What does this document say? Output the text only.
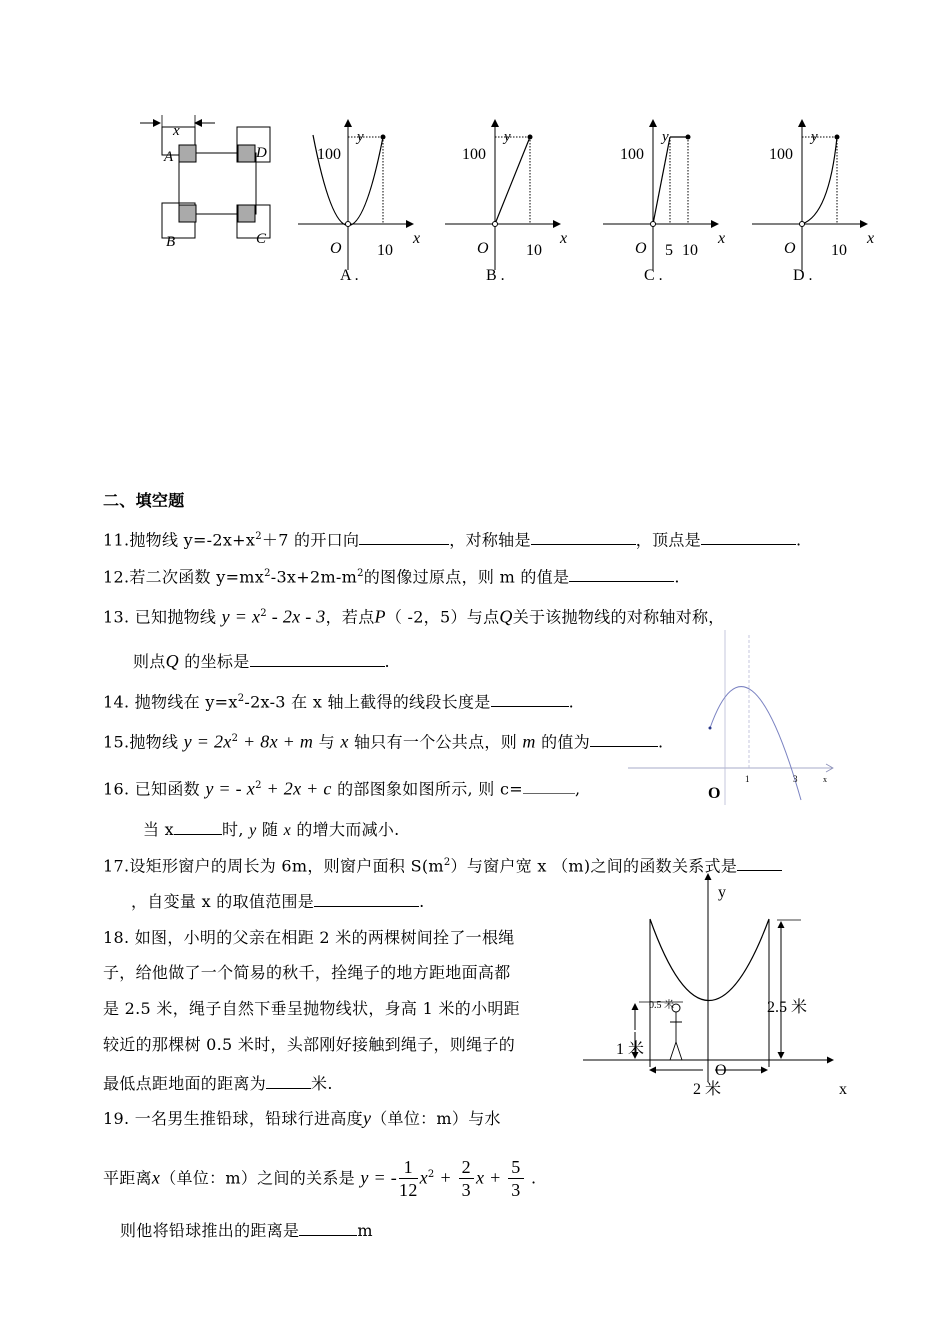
x
A	D
B	C
y
100
O
x
10
A .
y
100
O
x
10
B .
y
100
O
x
5 10
C .
y
100
O
x
10
D .
二、填空题
11.抛物线 $y=-2x+x^2+7$ 的开口向	，对称轴是	，顶点是	.
12.若二次函数 $y=mx^2-3x+2m-m^2$的图像过原点，则 m 的值是	.
13. 已知抛物线 $y = x^2 - 2x - 3$，若点P（ -2，5）与点Q关于该抛物线的对称轴对称，
则点Q 的坐标是	.
14. 抛物线在 $y=x^2-2x-3$ 在 x 轴上截得的线段长度是	.
15.抛物线 $y = 2x^2 + 8x + m$ 与 x 轴只有一个公共点，则 m 的值为	.
O
1	3	x
16. 已知函数 y = - $x^2 + 2x + c$ 的部图象如图所示, 则 c=	,
当 x	时, y 随 x 的增大而减小.
17.设矩形窗户的周长为 6m，则窗户面积 $S(m^2)$与窗户宽 x （m)之间的函数关系式是
，自变量 x 的取值范围是	.	y
x
O
2.5 米
1 米
0.5 米
2 米
18. 如图，小明的父亲在相距 2 米的两棵树间拴了一根绳
子，给他做了一个简易的秋千，拴绳子的地方距地面高都
是 2.5 米，绳子自然下垂呈抛物线状，身高 1 米的小明距
较近的那棵树 0.5 米时，头部刚好接触到绳子，则绳子的
最低点距地面的距离为	米.
19. 一名男生推铅球，铅球行进高度y（单位：m）与水
平距离x（单位：m）之间的关系是 y = - $\frac{1}{12} x^2 + \frac{2}{3}$ $x + \frac{5}{3}$ .
则他将铅球推出的距离是	m
